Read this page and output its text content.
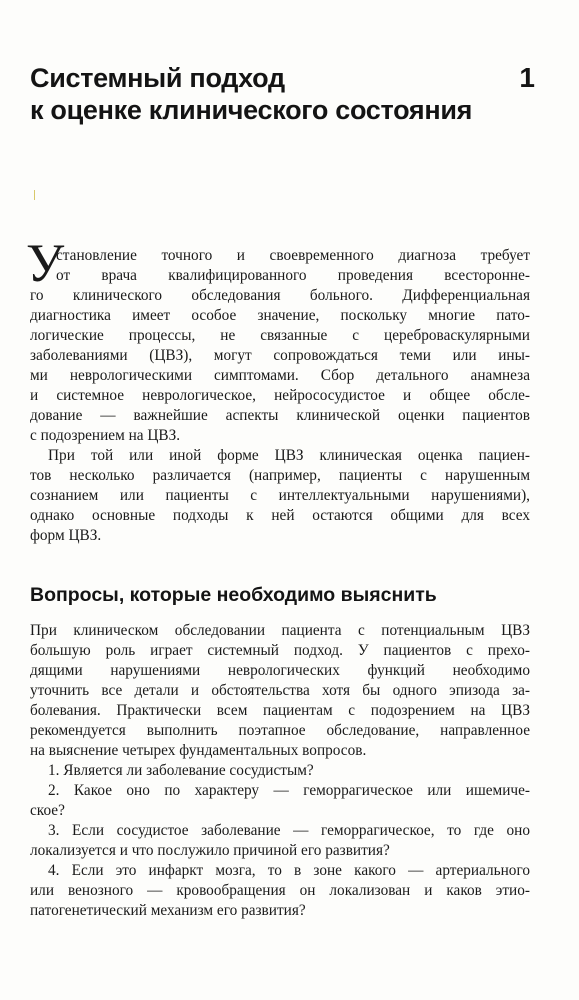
Системный подход
к оценке клинического состояния
1
У
становление точного и своевременного диагноза требует
от врача квалифицированного проведения всесторонне-
го клинического обследования больного. Дифференциальная
диагностика имеет особое значение, поскольку многие пато-
логические процессы, не связанные с цереброваскулярными
заболеваниями (ЦВЗ), могут сопровождаться теми или ины-
ми неврологическими симптомами. Сбор детального анамнеза
и системное неврологическое, нейрососудистое и общее обсле-
дование — важнейшие аспекты клинической оценки пациентов
с подозрением на ЦВЗ.
При той или иной форме ЦВЗ клиническая оценка пациен-
тов несколько различается (например, пациенты с нарушенным
сознанием или пациенты с интеллектуальными нарушениями),
однако основные подходы к ней остаются общими для всех
форм ЦВЗ.
Вопросы, которые необходимо выяснить
При клиническом обследовании пациента с потенциальным ЦВЗ
большую роль играет системный подход. У пациентов с прехо-
дящими нарушениями неврологических функций необходимо
уточнить все детали и обстоятельства хотя бы одного эпизода за-
болевания. Практически всем пациентам с подозрением на ЦВЗ
рекомендуется выполнить поэтапное обследование, направленное
на выяснение четырех фундаментальных вопросов.
1. Является ли заболевание сосудистым?
2. Какое оно по характеру — геморрагическое или ишемиче-
ское?
3. Если сосудистое заболевание — геморрагическое, то где оно
локализуется и что послужило причиной его развития?
4. Если это инфаркт мозга, то в зоне какого — артериального
или венозного — кровообращения он локализован и каков этио-
патогенетический механизм его развития?
